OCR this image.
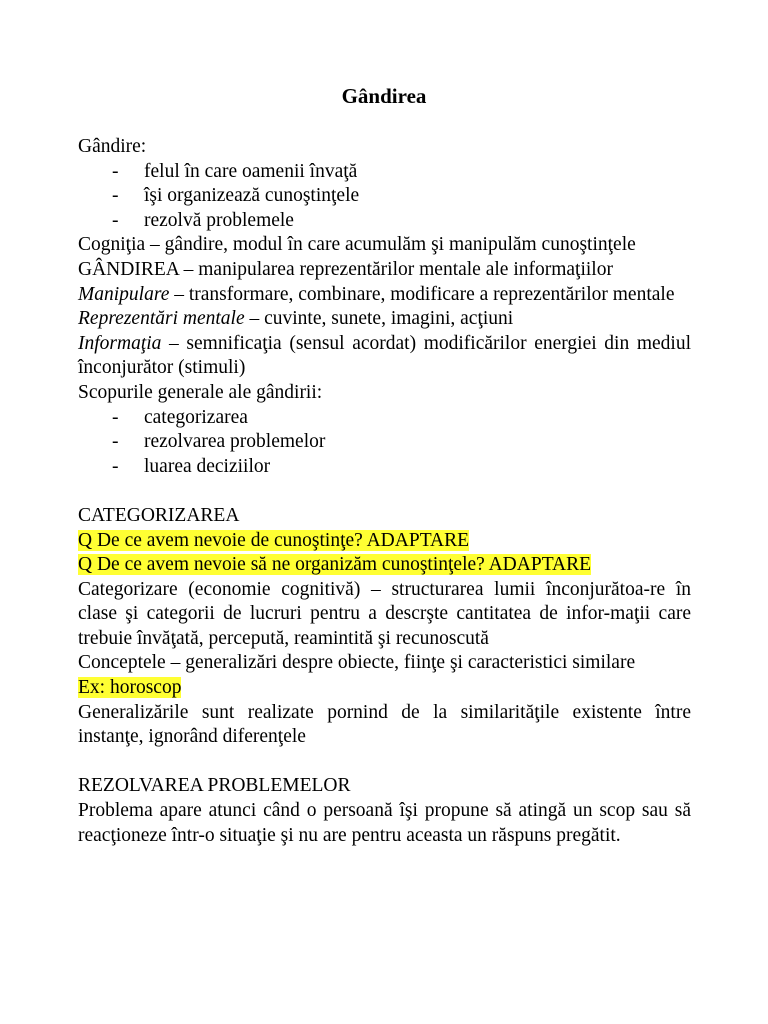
Gândirea

Gândire:

- felul în care oamenii învaţă
- îşi organizează cunoştinţele
- rezolvă problemele

Cogniţia – gândire, modul în care acumulăm şi manipulăm cunoştinţele

GÂNDIREA – manipularea reprezentărilor mentale ale informaţiilor

Manipulare – transformare, combinare, modificare a reprezentărilor mentale

Reprezentări mentale – cuvinte, sunete, imagini, acţiuni

Informaţia – semnificaţia (sensul acordat) modificărilor energiei din mediul înconjurător (stimuli)

Scopurile generale ale gândirii:

- categorizarea
- rezolvarea problemelor
- luarea deciziilor

CATEGORIZAREA

Q De ce avem nevoie de cunoştinţe? ADAPTARE

Q De ce avem nevoie să ne organizăm cunoştinţele? ADAPTARE

Categorizare (economie cognitivă) – structurarea lumii înconjurătoa-re în clase şi categorii de lucruri pentru a descrşte cantitatea de infor-maţii care trebuie învăţată, percepută, reamintită şi recunoscută

Conceptele – generalizări despre obiecte, fiinţe şi caracteristici similare

Ex: horoscop

Generalizările sunt realizate pornind de la similarităţile existente între instanţe, ignorând diferenţele

REZOLVAREA PROBLEMELOR

Problema apare atunci când o persoană îşi propune să atingă un scop sau să reacţioneze într-o situaţie şi nu are pentru aceasta un răspuns pregătit.
